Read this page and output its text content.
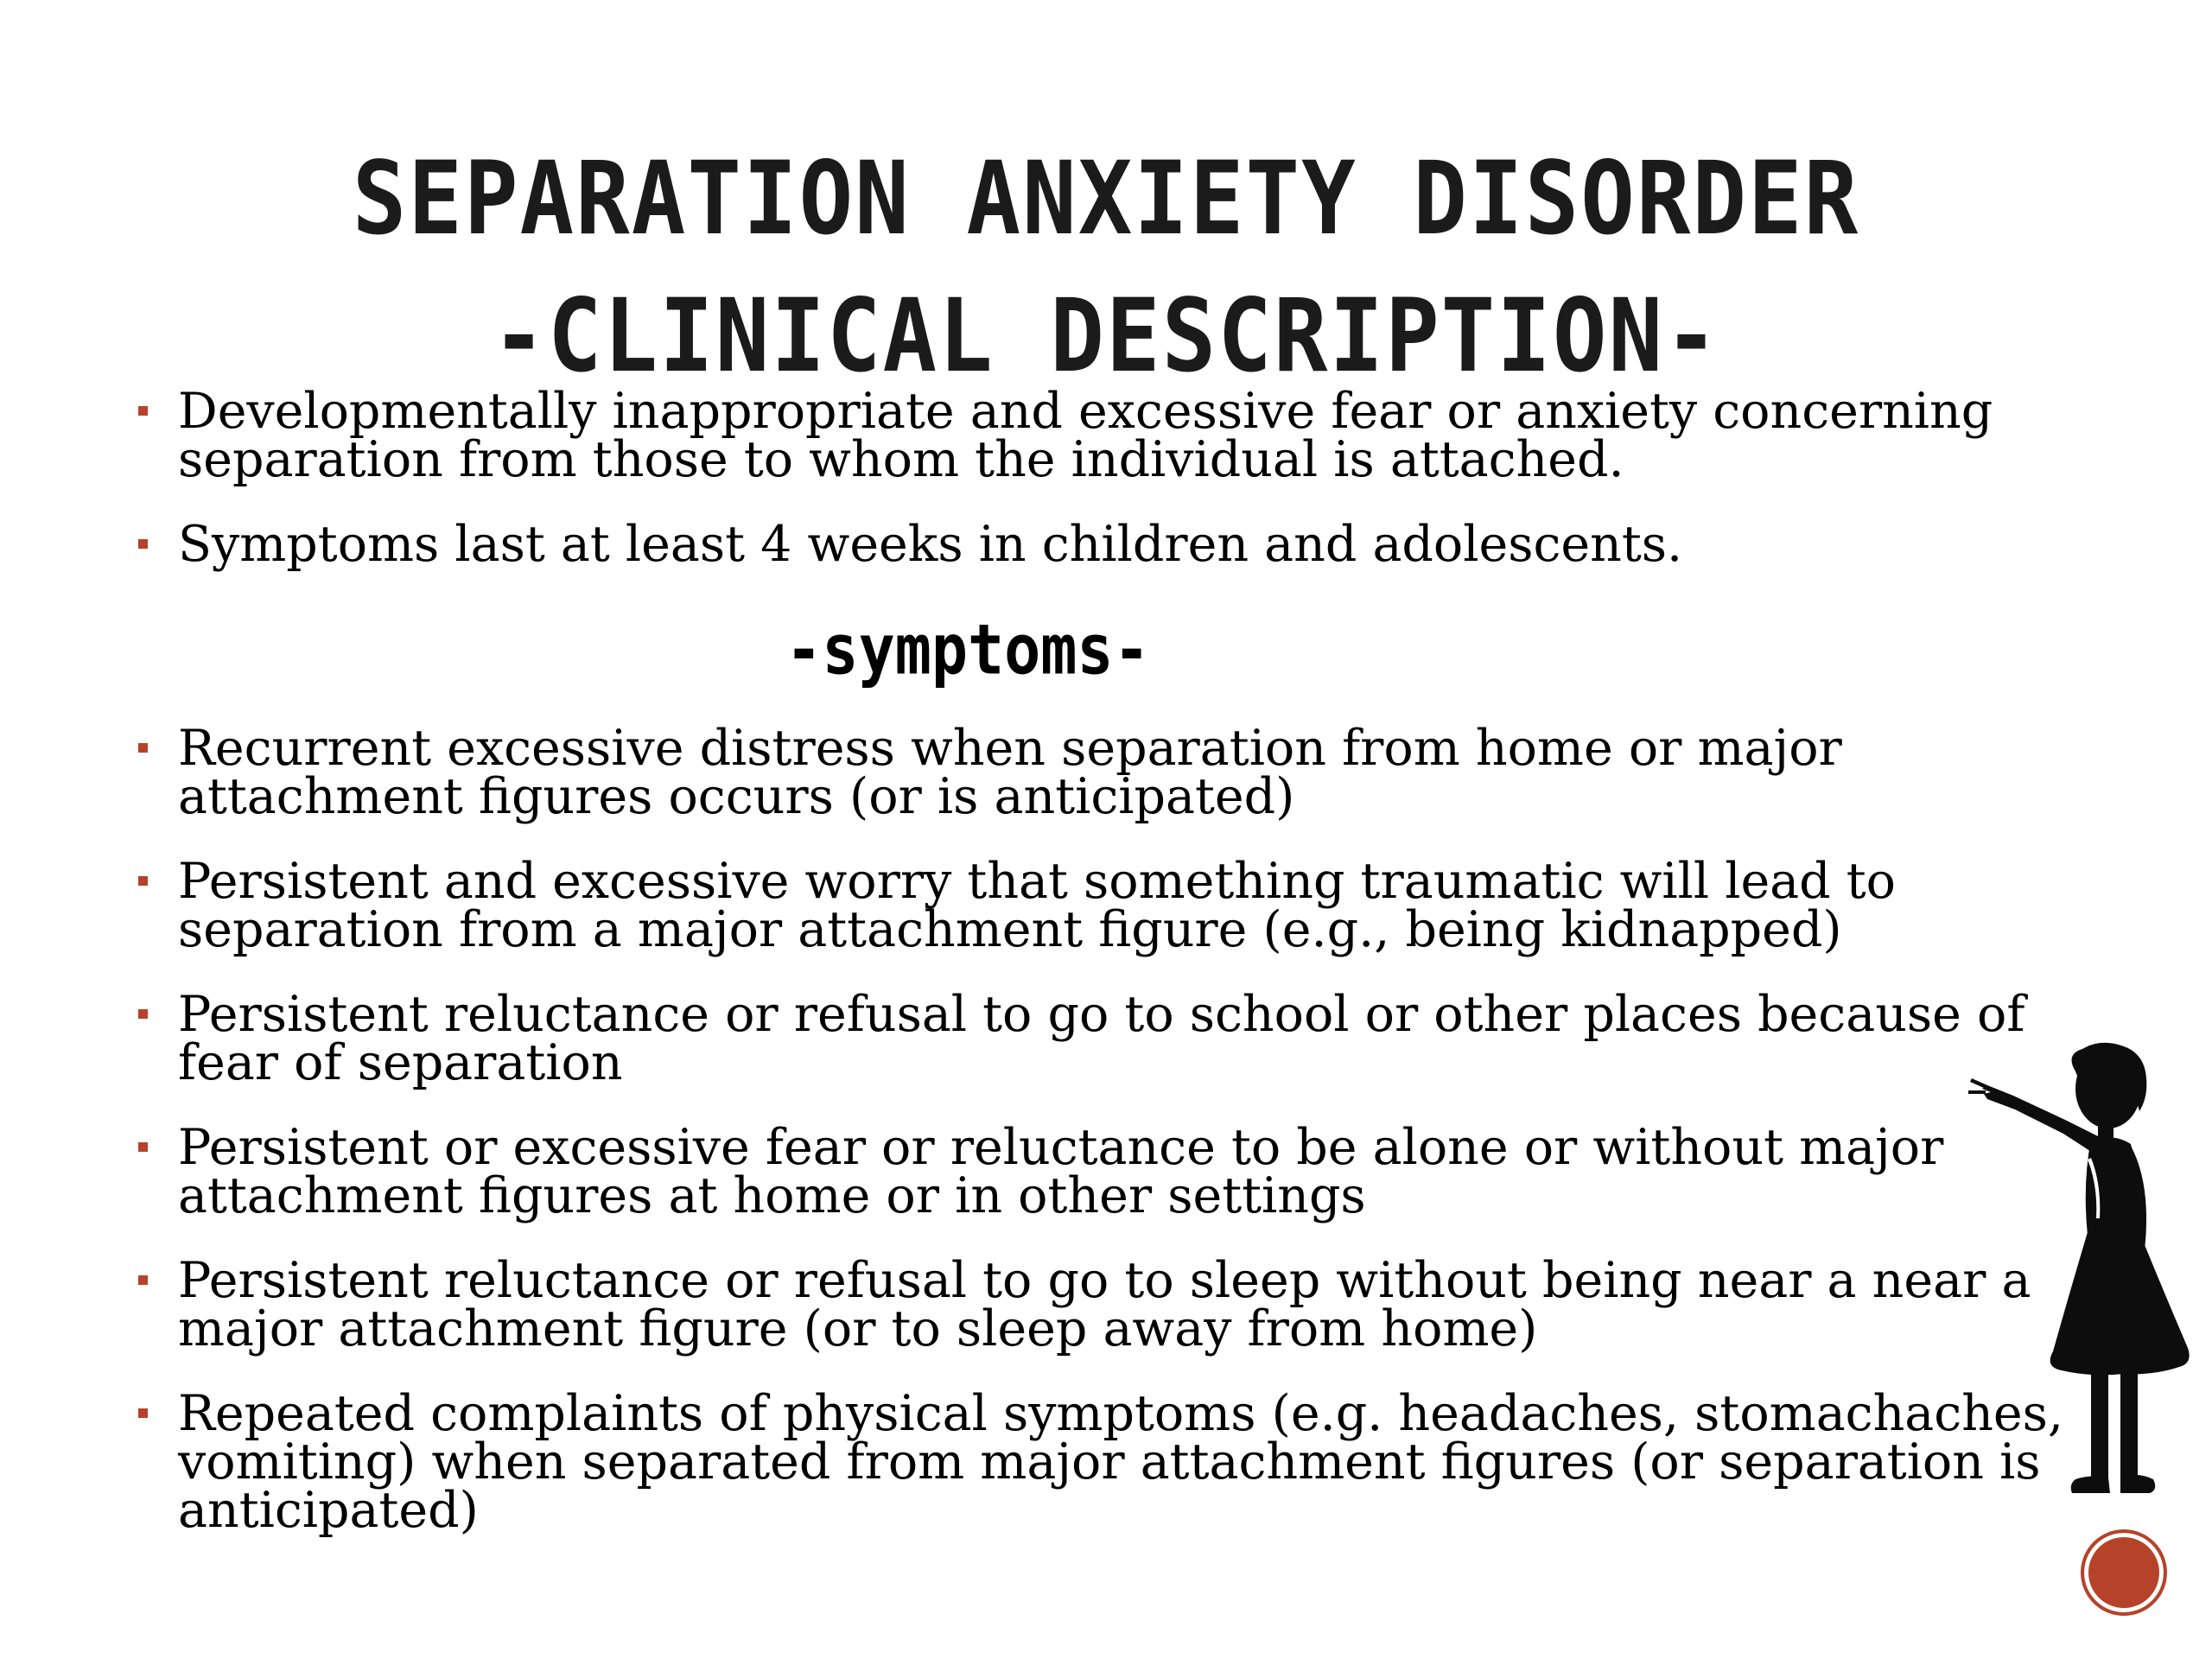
SEPARATION ANXIETY DISORDER
-CLINICAL DESCRIPTION-
Developmentally inappropriate and excessive fear or anxiety concerning separation from those to whom the individual is attached.
Symptoms last at least 4 weeks in children and adolescents.
-symptoms-
Recurrent excessive distress when separation from home or major attachment figures occurs (or is anticipated)
Persistent and excessive worry that something traumatic will lead to separation from a major attachment figure (e.g., being kidnapped)
Persistent reluctance or refusal to go to school or other places because of fear of separation
Persistent or excessive fear or reluctance to be alone or without major attachment figures at home or in other settings
Persistent reluctance or refusal to go to sleep without being near a near a major attachment figure (or to sleep away from home)
Repeated complaints of physical symptoms (e.g. headaches, stomachaches, vomiting) when separated from major attachment figures (or separation is anticipated)
